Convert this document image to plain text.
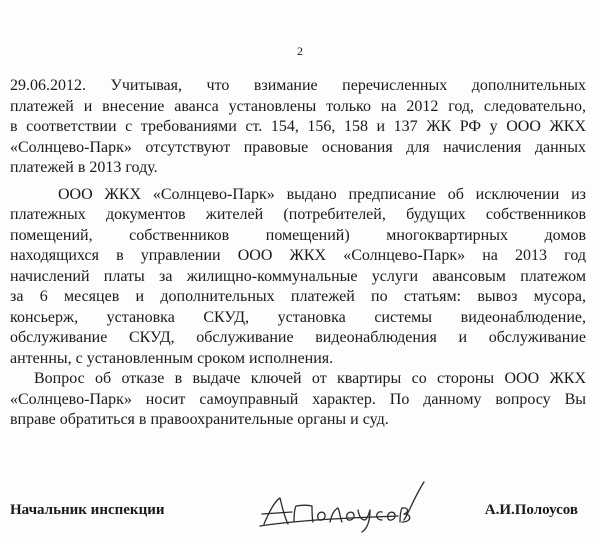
2

29.06.2012. Учитывая, что взимание перечисленных дополнительных
платежей и внесение аванса установлены только на 2012 год, следовательно,
в соответствии с требованиями ст. 154, 156, 158 и 137 ЖК РФ у ООО ЖКХ
«Солнцево-Парк» отсутствуют правовые основания для начисления данных
платежей в 2013 году.

ООО ЖКХ «Солнцево-Парк» выдано предписание об исключении из
платежных документов жителей (потребителей, будущих собственников
помещений, собственников помещений) многоквартирных домов
находящихся в управлении ООО ЖКХ «Солнцево-Парк» на 2013 год
начислений платы за жилищно-коммунальные услуги авансовым платежом
за 6 месяцев и дополнительных платежей по статьям: вывоз мусора,
консьерж, установка СКУД, установка системы видеонаблюдение,
обслуживание СКУД, обслуживание видеонаблюдения и обслуживание
антенны, с установленным сроком исполнения.

Вопрос об отказе в выдаче ключей от квартиры со стороны ООО ЖКХ
«Солнцево-Парк» носит самоуправный характер. По данному вопросу Вы
вправе обратиться в правоохранительные органы и суд.

Начальник инспекции	А.И.Полоусов
